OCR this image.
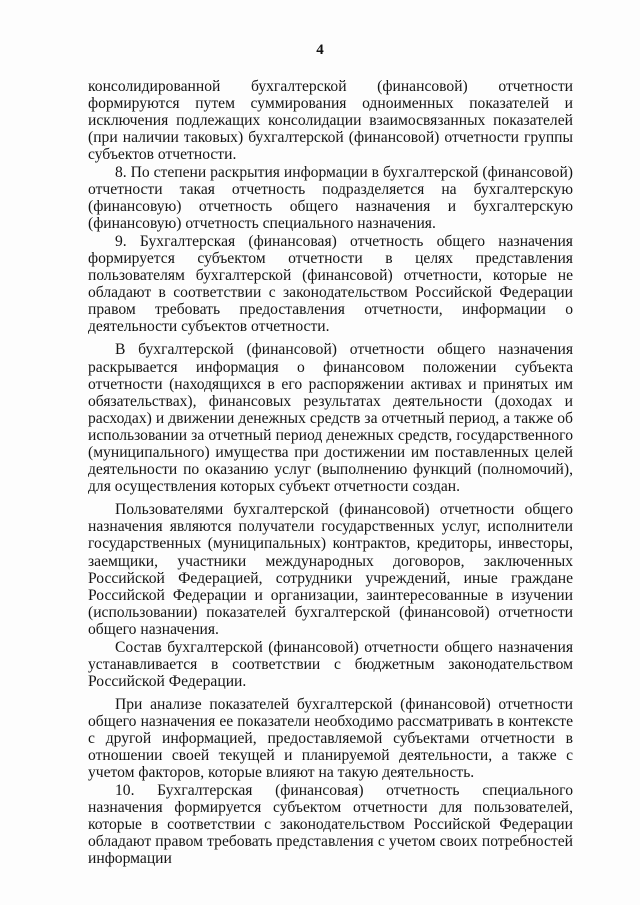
4

консолидированной бухгалтерской (финансовой) отчетности формируются путем суммирования одноименных показателей и исключения подлежащих консолидации взаимосвязанных показателей (при наличии таковых) бухгалтерской (финансовой) отчетности группы субъектов отчетности.

8. По степени раскрытия информации в бухгалтерской (финансовой) отчетности такая отчетность подразделяется на бухгалтерскую (финансовую) отчетность общего назначения и бухгалтерскую (финансовую) отчетность специального назначения.

9. Бухгалтерская (финансовая) отчетность общего назначения формируется субъектом отчетности в целях представления пользователям бухгалтерской (финансовой) отчетности, которые не обладают в соответствии с законодательством Российской Федерации правом требовать предоставления отчетности, информации о деятельности субъектов отчетности.

В бухгалтерской (финансовой) отчетности общего назначения раскрывается информация о финансовом положении субъекта отчетности (находящихся в его распоряжении активах и принятых им обязательствах), финансовых результатах деятельности (доходах и расходах) и движении денежных средств за отчетный период, а также об использовании за отчетный период денежных средств, государственного (муниципального) имущества при достижении им поставленных целей деятельности по оказанию услуг (выполнению функций (полномочий), для осуществления которых субъект отчетности создан.

Пользователями бухгалтерской (финансовой) отчетности общего назначения являются получатели государственных услуг, исполнители государственных (муниципальных) контрактов, кредиторы, инвесторы, заемщики, участники международных договоров, заключенных Российской Федерацией, сотрудники учреждений, иные граждане Российской Федерации и организации, заинтересованные в изучении (использовании) показателей бухгалтерской (финансовой) отчетности общего назначения.

Состав бухгалтерской (финансовой) отчетности общего назначения устанавливается в соответствии с бюджетным законодательством Российской Федерации.

При анализе показателей бухгалтерской (финансовой) отчетности общего назначения ее показатели необходимо рассматривать в контексте с другой информацией, предоставляемой субъектами отчетности в отношении своей текущей и планируемой деятельности, а также с учетом факторов, которые влияют на такую деятельность.

10. Бухгалтерская (финансовая) отчетность специального назначения формируется субъектом отчетности для пользователей, которые в соответствии с законодательством Российской Федерации обладают правом требовать представления с учетом своих потребностей информации
